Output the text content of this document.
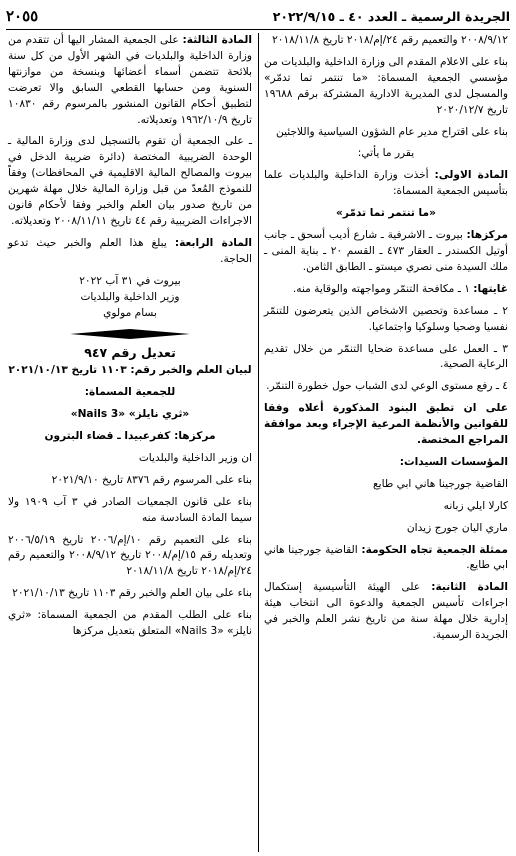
الجريدة الرسمية ـ العدد ٤٠ ـ ٢٠٢٢/٩/١٥
٢٠٥٥

٢٠٠٨/٩/١٢ والتعميم رقم ٢٤/إم/٢٠١٨ تاريخ ٢٠١٨/١١/٨

بناء على الاعلام المقدم الى وزارة الداخلية والبلديات من مؤسسي الجمعية المسماة: «ما تنتمر تما تدمّر» والمسجل لدى المديرية الادارية المشتركة برقم ١٩٦٨٨ تاريخ ٢٠٢٠/١٢/٧

بناء على اقتراح مدير عام الشؤون السياسية واللاجئين

يقرر ما يأتي:

المادة الاولى: أخذت وزارة الداخلية والبلديات علما بتأسيس الجمعية المسماة:

«ما تنتمر تما تدمّر»

مركزها: بيروت ـ الاشرفية ـ شارع أديب أسحق ـ جانب أوتيل الكسندر ـ العقار ٤٧٣ ـ القسم ٢٠ ـ بناية المنى ـ ملك السيدة منى نصري ميستو ـ الطابق الثامن.

غايتها: ١ ـ مكافحة التنمّر ومواجهته والوقاية منه.

٢ ـ مساعدة وتحصين الاشخاص الذين يتعرضون للتنمّر نفسيا وصحيا وسلوكيا واجتماعيا.

٣ ـ العمل على مساعدة ضحايا التنمّر من خلال تقديم الرعاية الصحية.

٤ ـ رفع مستوى الوعي لدى الشباب حول خطورة التنمّر.

على ان تطبق البنود المذكورة أعلاه وفقا للقوانين والأنظمة المرعية الإجراء وبعد موافقة المراجع المختصة.

المؤسسات السيدات:

القاضية جورجينا هاني ابي طايع

كارلا ايلي زبانه

ماري اليان جورج زيدان

ممثلة الجمعية تجاه الحكومة: القاضية جورجينا هاني ابي طايع.

المادة الثانية: على الهيئة التأسيسية إستكمال اجراءات تأسيس الجمعية والدعوة الى انتخاب هيئة إدارية خلال مهلة سنة من تاريخ نشر العلم والخبر في الجريدة الرسمية.

المادة الثالثة: على الجمعية المشار اليها أن تتقدم من وزارة الداخلية والبلديات في الشهر الأول من كل سنة بلائحة تتضمن أسماء أعضائها وبنسخة من موازنتها السنوية ومن حسابها القطعي السابق والا تعرضت لتطبيق أحكام القانون المنشور بالمرسوم رقم ١٠٨٣٠ تاريخ ١٩٦٢/١٠/٩ وتعديلاته.

ـ على الجمعية أن تقوم بالتسجيل لدى وزارة المالية ـ الوحدة الضريبية المختصة (دائرة ضريبة الدخل في بيروت والمصالح المالية الاقليمية في المحافظات) وفقاً للنموذج المُعدّ من قبل وزارة المالية خلال مهلة شهرين من تاريخ صدور بيان العلم والخبر وفقا لأحكام قانون الاجراءات الضريبية رقم ٤٤ تاريخ ٢٠٠٨/١١/١١ وتعديلاته.

المادة الرابعة: يبلغ هذا العلم والخبر حيث تدعو الحاجة.

بيروت في ٣١ آب ٢٠٢٢
وزير الداخلية والبلديات
بسام مولوي
تعديل رقم ٩٤٧

لبيان العلم والخبر رقم: ١١٠٣ تاريخ ٢٠٢١/١٠/١٣

للجمعية المسماة:

«ثري نايلز» «3 Nails»

مركزها: كفرعبيدا ـ قضاء البترون

ان وزير الداخلية والبلديات

بناء على المرسوم رقم ٨٣٧٦ تاريخ ٢٠٢١/٩/١٠

بناء على قانون الجمعيات الصادر في ٣ آب ١٩٠٩ ولا سيما المادة السادسة منه

بناء على التعميم رقم ١٠/إم/٢٠٠٦ تاريخ ٢٠٠٦/٥/١٩ وتعديله رقم ١٥/إم/٢٠٠٨ تاريخ ٢٠٠٨/٩/١٢ والتعميم رقم ٢٤/إم/٢٠١٨ تاريخ ٢٠١٨/١١/٨

بناء على بيان العلم والخبر رقم ١١٠٣ تاريخ ٢٠٢١/١٠/١٣

بناء على الطلب المقدم من الجمعية المسماة: «ثري نايلز» «3 Nails» المتعلق بتعديل مركزها
